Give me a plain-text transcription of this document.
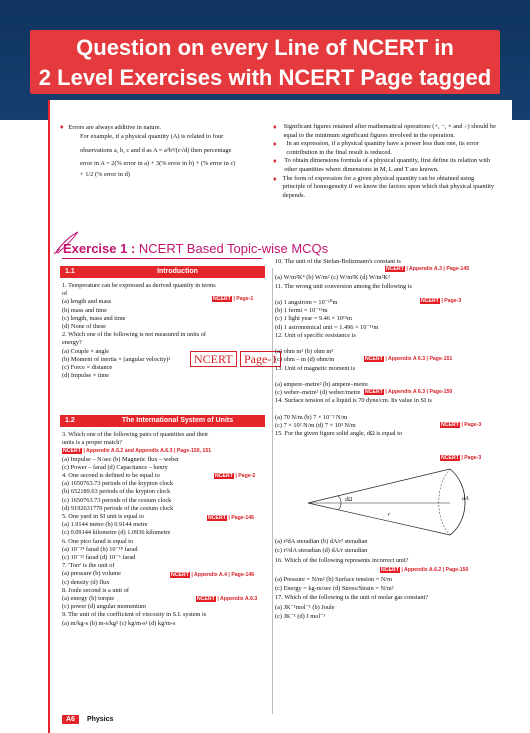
Question on every Line of NCERT in
2 Level Exercises with NCERT Page tagged
♦ Errors are always additive in nature.
For example, if a physical quantity (A) is related to four
observations a, b, c and d as A = a²b³/(c√d) then percentage
error in A = 2(% error in a) + 3(% error in b) + (% error in c)
+ 1/2 (% error in d)
♦	Significant figures retained after mathematical operations (+, −, × and ÷) should be equal to the minimum significant figures involved in the operation.
♦	In an expression, if a physical quantity have a power less than one, its error contribution in the final result is reduced.
♦	To obtain dimensions formula of a physical quantity, first define its relation with other quantities where dimensions in M, L and T are known.
♦ The form of expression for a given physical quantity can be obtained using principle of homogeneity if we know the factors upon which that physical quantity depends.
Exercise 1 : NCERT Based Topic-wise MCQs
1.1	Introduction
1. Temperature can be expressed as derived quantity in terms
of
(a) length and mass
(b) mass and time
(c) length, mass and time
(d) None of these
2. Which one of the following is not measured in units of
energy?
(a) Couple × angle
(b) Moment of inertia × (angular velocity)²
(c) Force × distance
(d) Impulse × time
NCERT | Page-1
NCERT Page-1
1.2	The International System of Units
3. Which one of the following pairs of quantities and their
units is a proper match?
NCERT | Appendix A.6.2 and Appendix A.6.3 | Page-150, 151
(a) Impulse – N/sec (b) Magnetic flux – weber
(c) Power – farad (d) Capacitance – henry
4. One second is defined to be equal to
(a) 1650763.73 periods of the krypton clock
(b) 652189.63 periods of the krypton clock
(c) 1650763.73 periods of the cesium clock
(d) 9192631770 periods of the cesium clock
5. One yard in SI unit is equal to
(a) 1.9144 metre (b) 0.9144 metre
(c) 0.09144 kilometre (d) 1.0936 kilometre
6. One pico farad is equal to
(a) 10⁻²⁴ farad (b) 10⁻¹⁸ farad
(c) 10⁻¹² farad (d) 10⁻⁶ farad
7. 'Torr' is the unit of
(a) pressure (b) volume
(c) density (d) flux
8. Joule second is a unit of
(a) energy (b) torque
(c) power (d) angular momentum
9. The unit of the coefficient of viscosity in S.I. system is
(a) m/kg-s (b) m-s/kg² (c) kg/m-s² (d) kg/m-s
NCERT | Page-2
NCERT | Page-146
NCERT | Appendix A.4 | Page-146
NCERT | Appendix A.6.3
10. The unit of the Stefan-Boltzmann's constant is

(a) W/m²K⁴ (b) W/m² (c) W/m²K (d) W/m²K²
11. The wrong unit conversion among the following is

(a) 1 angstrom = 10⁻¹⁰m
(b) 1 fermi = 10⁻¹⁵m
(c) 1 light year = 9.46 × 10¹⁵m
(d) 1 astronomical unit = 1.496 × 10⁻¹¹m
12. Unit of specific resistance is

(a) ohm m² (b) ohm m³
(c) ohm – m (d) ohm/m
13. Unit of magnetic moment is

(a) ampere–metre² (b) ampere–metre
(c) weber–metre² (d) weber/metre
14. Surface tension of a liquid is 70 dyne/cm. Its value in SI is

(a) 70 N/m (b) 7 × 10⁻² N/m
(c) 7 × 10² N/m (d) 7 × 10³ N/m
15. For the given figure solid angle, dΩ is equal to
NCERT | Appendix A.3 | Page-145
NCERT | Page-3
NCERT | Appendix A 6.3 | Page-151
NCERT | Appendix A 6.3 | Page-150
NCERT | Page-3
NCERT | Page-3
dΩ
r
dA
(a) r²dA steradian (b) dA/r² steradian
(c) r²/dA steradian (d) dA/r steradian
16. Which of the following represents incorrect unit?

(a) Pressure = N/m² (b) Surface tension = N/m
(c) Energy = kg-m/sec (d) Stress/Strain = N/m²
17. Which of the following is the unit of molar gas constant?
(a) JK⁻¹mol⁻¹ (b) Joule
(c) JK⁻¹ (d) J mol⁻¹
NCERT | Appendix A.6.2 | Page-150
A6 Physics
